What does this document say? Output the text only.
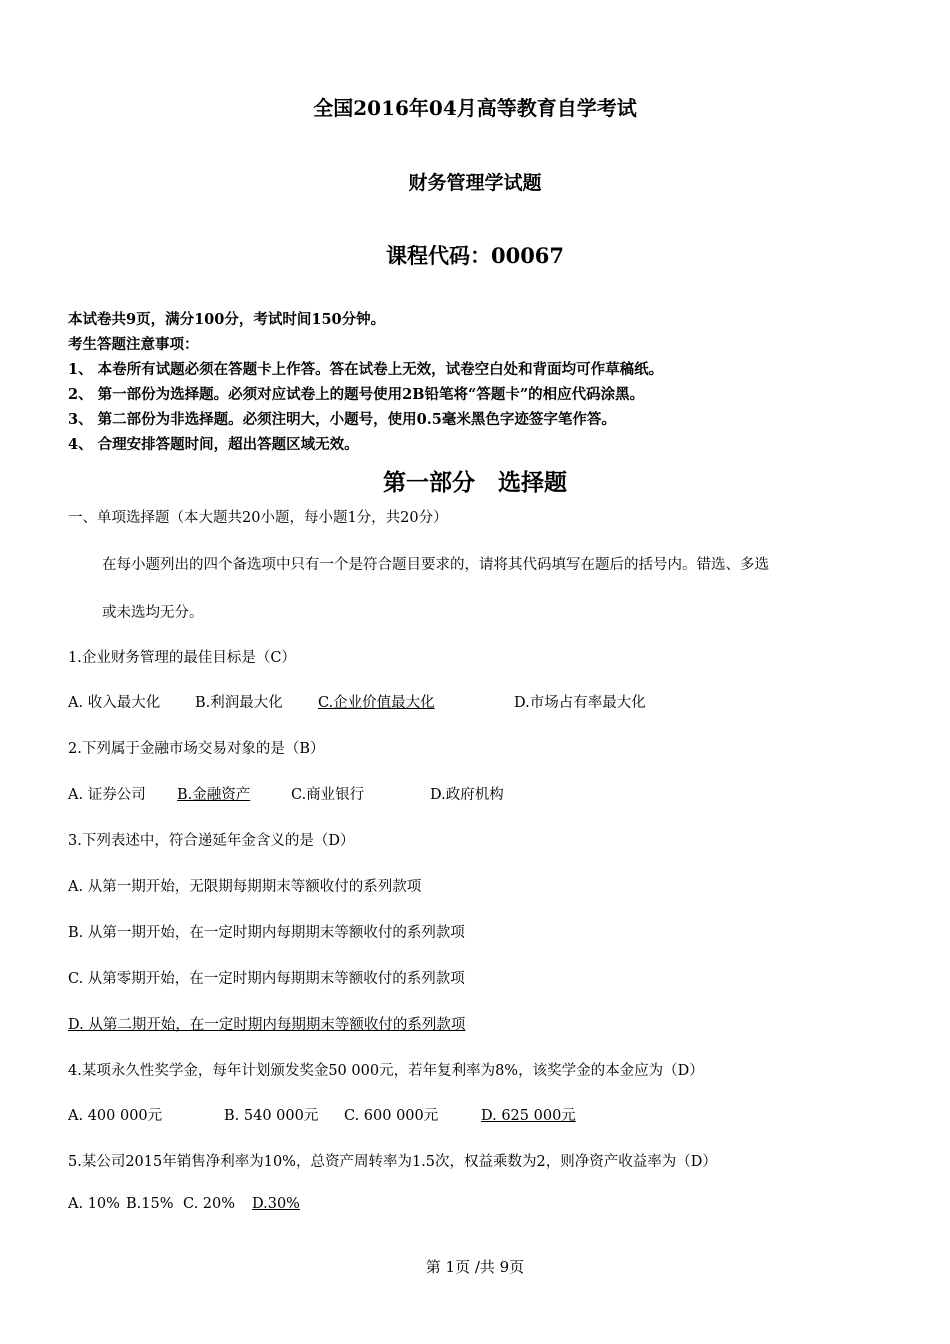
全国2016年04月高等教育自学考试
财务管理学试题
课程代码：00067
本试卷共9页，满分100分，考试时间150分钟。
考生答题注意事项：
1、 本卷所有试题必须在答题卡上作答。答在试卷上无效，试卷空白处和背面均可作草稿纸。
2、 第一部份为选择题。必须对应试卷上的题号使用2B铅笔将“答题卡”的相应代码涂黑。
3、 第二部份为非选择题。必须注明大，小题号，使用0.5毫米黑色字迹签字笔作答。
4、 合理安排答题时间，超出答题区域无效。
第一部分　选择题
一、单项选择题（本大题共20小题，每小题1分，共20分）
在每小题列出的四个备选项中只有一个是符合题目要求的，请将其代码填写在题后的括号内。错选、多选
或未选均无分。
1.企业财务管理的最佳目标是（C）
A. 收入最大化 B.利润最大化 C.企业价值最大化	D.市场占有率最大化
2.下列属于金融市场交易对象的是（B）
A. 证券公司 B.金融资产	C.商业银行	D.政府机构
3.下列表述中，符合递延年金含义的是（D）
A. 从第一期开始，无限期每期期末等额收付的系列款项
B. 从第一期开始，在一定时期内每期期末等额收付的系列款项
C. 从第零期开始，在一定时期内每期期末等额收付的系列款项
D. 从第二期开始，在一定时期内每期期末等额收付的系列款项
4.某项永久性奖学金，每年计划颁发奖金50 000元，若年复利率为8%，该奖学金的本金应为（D）
A. 400 000元	B. 540 000元 C. 600 000元	D. 625 000元
5.某公司2015年销售净利率为10%，总资产周转率为1.5次，权益乘数为2，则净资产收益率为（D）
A. 10% B.15% C. 20% D.30%
第 1页 /共 9页
